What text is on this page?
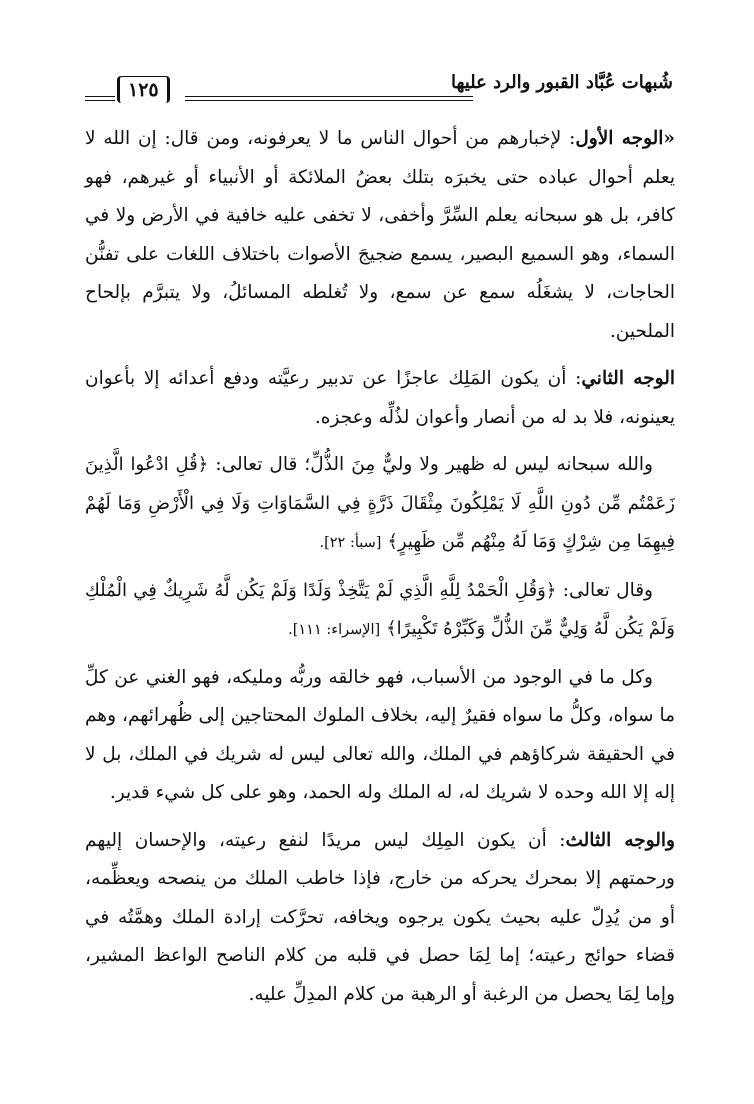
شُبهات عُبَّاد القبور والرد عليها
١٢٥

«الوجه الأول: لإخبارهم من أحوال الناس ما لا يعرفونه، ومن قال: إن الله لا يعلم أحوال عباده حتى يخبرَه بتلك بعضُ الملائكة أو الأنبياء أو غيرهم، فهو كافر، بل هو سبحانه يعلم السِّرَّ وأخفى، لا تخفى عليه خافية في الأرض ولا في السماء، وهو السميع البصير، يسمع ضجيجَ الأصوات باختلاف اللغات على تفنُّن الحاجات، لا يشغَلُه سمع عن سمع، ولا تُغلطه المسائلُ، ولا يتبرَّم بإلحاح الملحين.

الوجه الثاني: أن يكون المَلِك عاجزًا عن تدبير رعيَّته ودفع أعدائه إلا بأعوان يعينونه، فلا بد له من أنصار وأعوان لذُلِّه وعجزه.

والله سبحانه ليس له ظهير ولا وليٌّ مِنَ الذُّلِّ؛ قال تعالى: ﴿قُلِ ادْعُوا الَّذِينَ زَعَمْتُم مِّن دُونِ اللَّهِ لَا يَمْلِكُونَ مِثْقَالَ ذَرَّةٍ فِي السَّمَاوَاتِ وَلَا فِي الْأَرْضِ وَمَا لَهُمْ فِيهِمَا مِن شِرْكٍ وَمَا لَهُ مِنْهُم مِّن ظَهِيرٍ﴾ [سبأ: ٢٢].

وقال تعالى: ﴿وَقُلِ الْحَمْدُ لِلَّهِ الَّذِي لَمْ يَتَّخِذْ وَلَدًا وَلَمْ يَكُن لَّهُ شَرِيكٌ فِي الْمُلْكِ وَلَمْ يَكُن لَّهُ وَلِيٌّ مِّنَ الذُّلِّ وَكَبِّرْهُ تَكْبِيرًا﴾ [الإسراء: ١١١].

وكل ما في الوجود من الأسباب، فهو خالقه وربُّه ومليكه، فهو الغني عن كلِّ ما سواه، وكلُّ ما سواه فقيرٌ إليه، بخلاف الملوك المحتاجين إلى ظُهرائهم، وهم في الحقيقة شركاؤهم في الملك، والله تعالى ليس له شريك في الملك، بل لا إله إلا الله وحده لا شريك له، له الملك وله الحمد، وهو على كل شيء قدير.

والوجه الثالث: أن يكون المِلِك ليس مريدًا لنفع رعيته، والإحسان إليهم ورحمتهم إلا بمحرك يحركه من خارج، فإذا خاطب الملك من ينصحه ويعظِّمه، أو من يُدِلّ عليه بحيث يكون يرجوه ويخافه، تحرَّكت إرادة الملك وهمَّتُه في قضاء حوائج رعيته؛ إما لِمَا حصل في قلبه من كلام الناصح الواعظ المشير، وإما لِمَا يحصل من الرغبة أو الرهبة من كلام المدِلِّ عليه.
